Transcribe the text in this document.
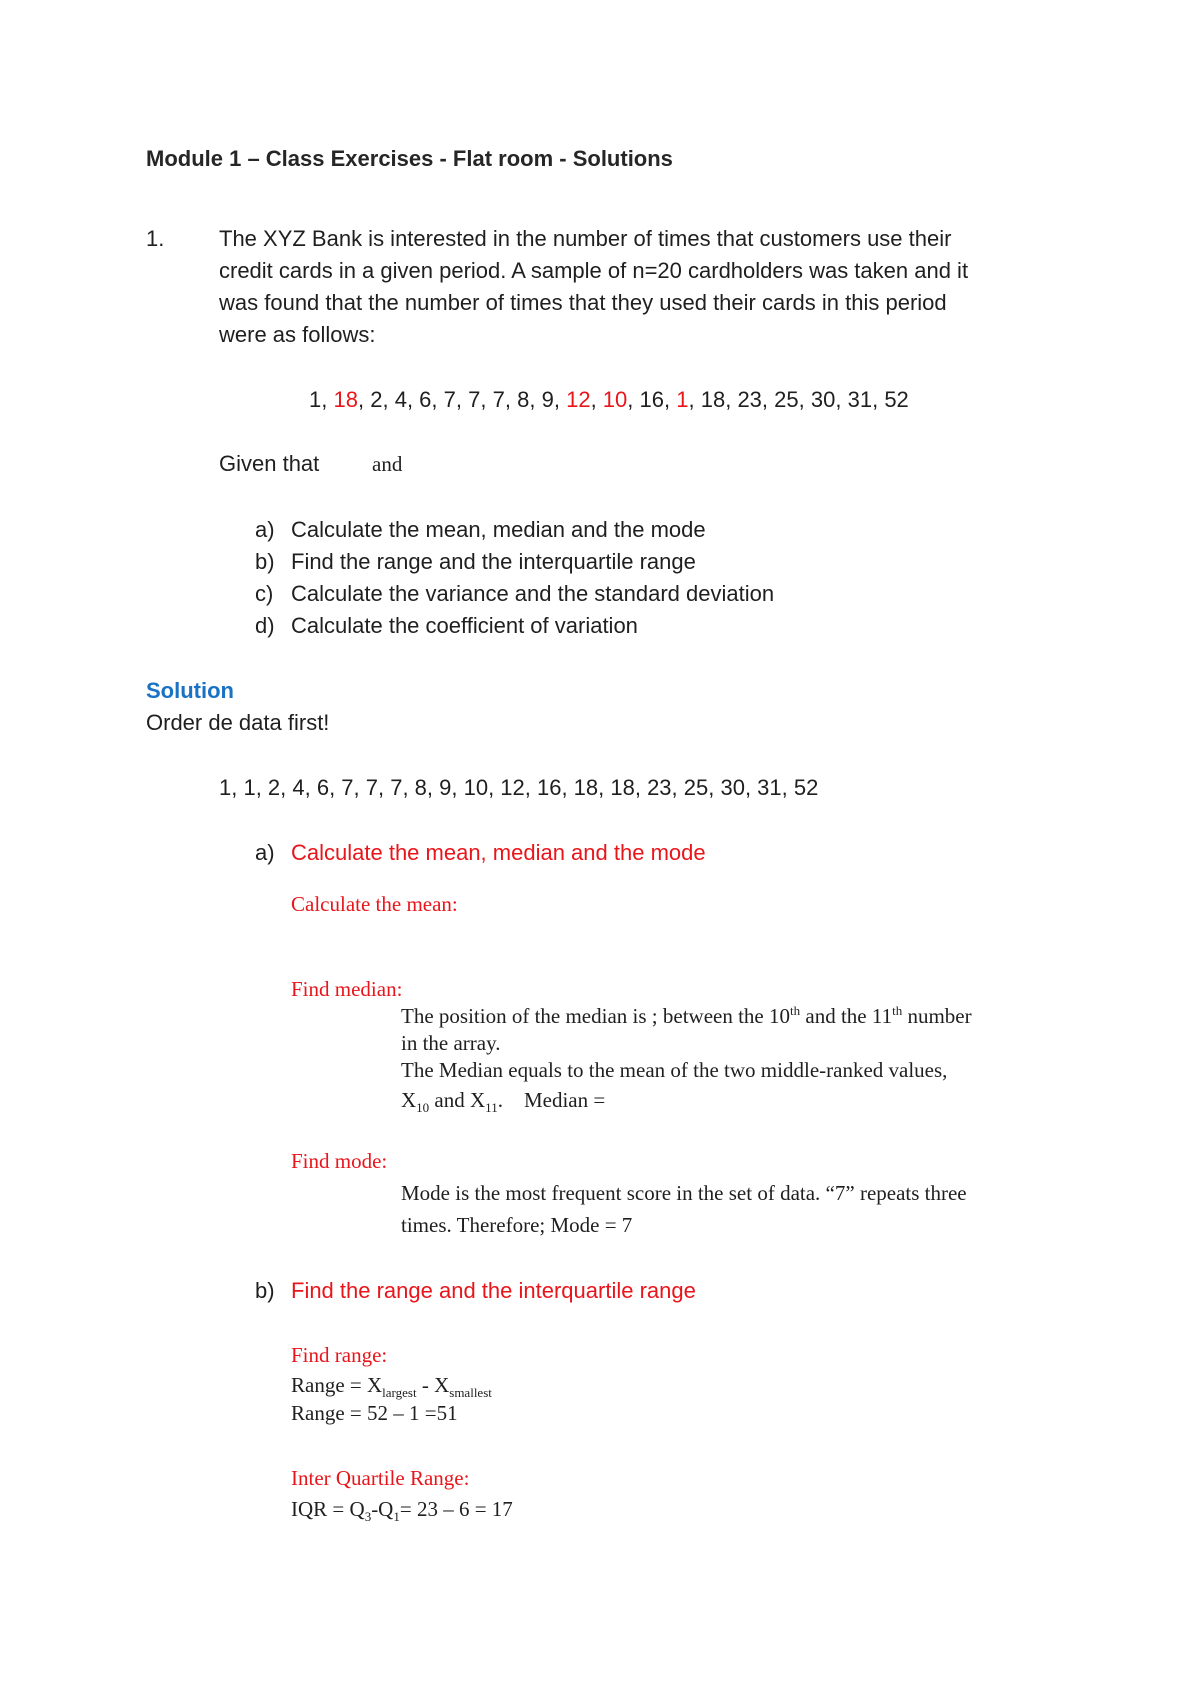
Module 1 – Class Exercises - Flat room - Solutions
1. The XYZ Bank is interested in the number of times that customers use their
credit cards in a given period. A sample of n=20 cardholders was taken and it
was found that the number of times that they used their cards in this period
were as follows:
1, 18, 2, 4, 6, 7, 7, 7, 8, 9, 12, 10, 16, 1, 18, 23, 25, 30, 31, 52
Given that	and
a) Calculate the mean, median and the mode
b) Find the range and the interquartile range
c) Calculate the variance and the standard deviation
d) Calculate the coefficient of variation
Solution
Order de data first!
1, 1, 2, 4, 6, 7, 7, 7, 8, 9, 10, 12, 16, 18, 18, 23, 25, 30, 31, 52
a) Calculate the mean, median and the mode
Calculate the mean:
Find median:
The position of the median is ; between the 10th and the 11th number
in the array.
The Median equals to the mean of the two middle-ranked values,
$X_{10}$ and $X_{11}$.    Median =
Find mode:
Mode is the most frequent score in the set of data. “7” repeats three
times. Therefore; Mode = 7
b) Find the range and the interquartile range
Find range:
Range = $X_{largest} - X_{smallest}$
Range = 52 – 1 =51
Inter Quartile Range:
IQR = $Q_3-Q_1= 23 - 6 = 17$
